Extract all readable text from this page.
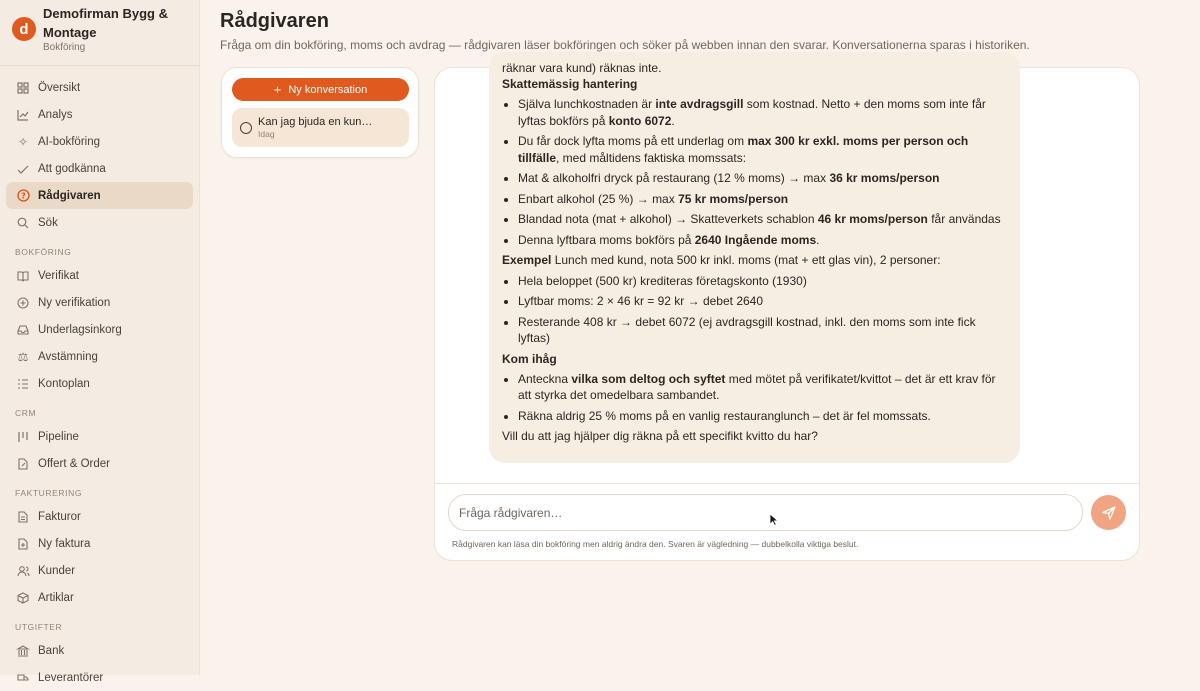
d
Demofirman Bygg & Montage
Bokföring
Översikt
Analys
✧ AI-bokföring
Att godkänna
? Rådgivaren
Sök
BOKFÖRING
Verifikat
Ny verifikation
Underlagsinkorg
⚖ Avstämning
Kontoplan
CRM
Pipeline
Offert & Order
FAKTURERING
Fakturor
Ny faktura
Kunder
Artiklar
UTGIFTER
Bank
Leverantörer
Rådgivaren
Fråga om din bokföring, moms och avdrag — rådgivaren läser bokföringen och söker på webben innan den svarar. Konversationerna sparas i historiken.
+ Ny konversation
Kan jag bjuda en kun…
Idag
räknar vara kund) räknas inte.
Skattemässig hantering
• Själva lunchkostnaden är inte avdragsgill som kostnad. Netto + den moms som inte får lyftas bokförs på konto 6072.
• Du får dock lyfta moms på ett underlag om max 300 kr exkl. moms per person och tillfälle, med måltidens faktiska momssats:
• Mat & alkoholfri dryck på restaurang (12 % moms) → max 36 kr moms/person
• Enbart alkohol (25 %) → max 75 kr moms/person
• Blandad nota (mat + alkohol) → Skatteverkets schablon 46 kr moms/person får användas
• Denna lyftbara moms bokförs på 2640 Ingående moms.

Exempel Lunch med kund, nota 500 kr inkl. moms (mat + ett glas vin), 2 personer:

• Hela beloppet (500 kr) krediteras företagskonto (1930)
• Lyftbar moms: 2 × 46 kr = 92 kr → debet 2640
• Resterande 408 kr → debet 6072 (ej avdragsgill kostnad, inkl. den moms som inte fick lyftas)
Kom ihåg
• Anteckna vilka som deltog och syftet med mötet på verifikatet/kvittot – det är ett krav för att styrka det omedelbara sambandet.
• Räkna aldrig 25 % moms på en vanlig restauranglunch – det är fel momssats.

Vill du att jag hjälper dig räkna på ett specifikt kvitto du har?

Fråga rådgivaren…
Rådgivaren kan läsa din bokföring men aldrig ändra den. Svaren är vägledning — dubbelkolla viktiga beslut.
